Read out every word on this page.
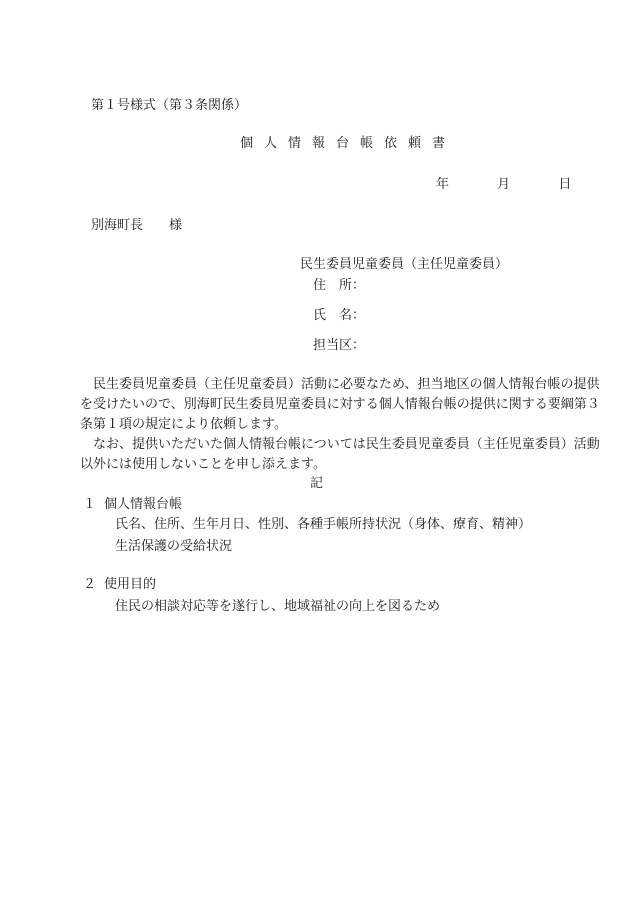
第１号様式（第３条関係）
個人情報台帳依頼書
年	月	日
別海町長　　様
民生委員児童委員（主任児童委員）
住　所：
氏　名：
担当区：
　民生委員児童委員（主任児童委員）活動に必要なため、担当地区の個人情報台帳の提供
を受けたいので、別海町民生委員児童委員に対する個人情報台帳の提供に関する要綱第３
条第１項の規定により依頼します。
　なお、提供いただいた個人情報台帳については民生委員児童委員（主任児童委員）活動
以外には使用しないことを申し添えます。
記
１ 個人情報台帳
氏名、住所、生年月日、性別、各種手帳所持状況（身体、療育、精神）
生活保護の受給状況
２ 使用目的
住民の相談対応等を遂行し、地域福祉の向上を図るため
